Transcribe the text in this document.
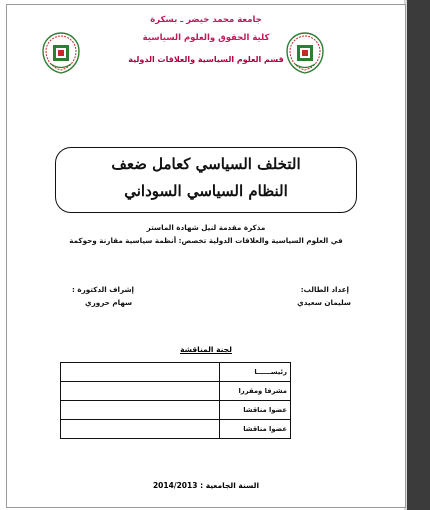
جامعة محمد خيضر ـ بسكرة
كلية الحقوق والعلوم السياسية
قسم العلوم السياسية والعلاقات الدولية
التخلف السياسي كعامل ضعف
النظام السياسي السوداني
مذكرة مقدمة لنيل شهادة الماستر
في العلوم السياسية والعلاقات الدولية تخصص: أنظمة سياسية مقارنة وحوكمة
إعداد الطالب:
سليمان سعيدي
إشراف الدكتورة :
سهام حروري
لجنة المناقشة
رئيســــــا	
مشرفا ومقررا	
عضوا مناقشا	
عضوا مناقشا	
السنة الجامعية : 2014/2013
